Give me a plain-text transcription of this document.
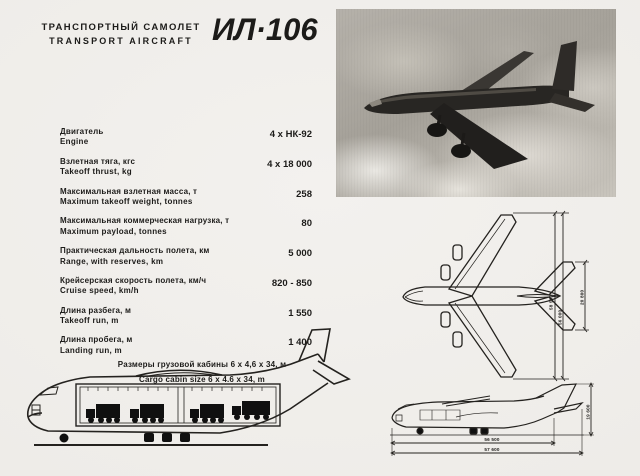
ТРАНСПОРТНЫЙ САМОЛЕТ
TRANSPORT AIRCRAFT ИЛ·106
Двигатель
Engine
4 х НК-92
Взлетная тяга, кгс
Takeoff thrust, kg
4 х 18 000
Максимальная взлетная масса, т
Maximum takeoff weight, tonnes
258
Максимальная коммерческая нагрузка, т
Maximum payload, tonnes
80
Практическая дальность полета, км
Range, with reserves, km
5 000
Крейсерская скорость полета, км/ч
Cruise speed, km/h
820 - 850
Длина разбега, м
Takeoff run, m
1 550
Длина пробега, м
Landing run, m
1 400
Размеры грузовой кабины 6 х 4,6 х 34, м
Cargo cabin size 6 x 4.6 x 34, m
58 500
56 000
20 800
56 500
57 600
19 600
